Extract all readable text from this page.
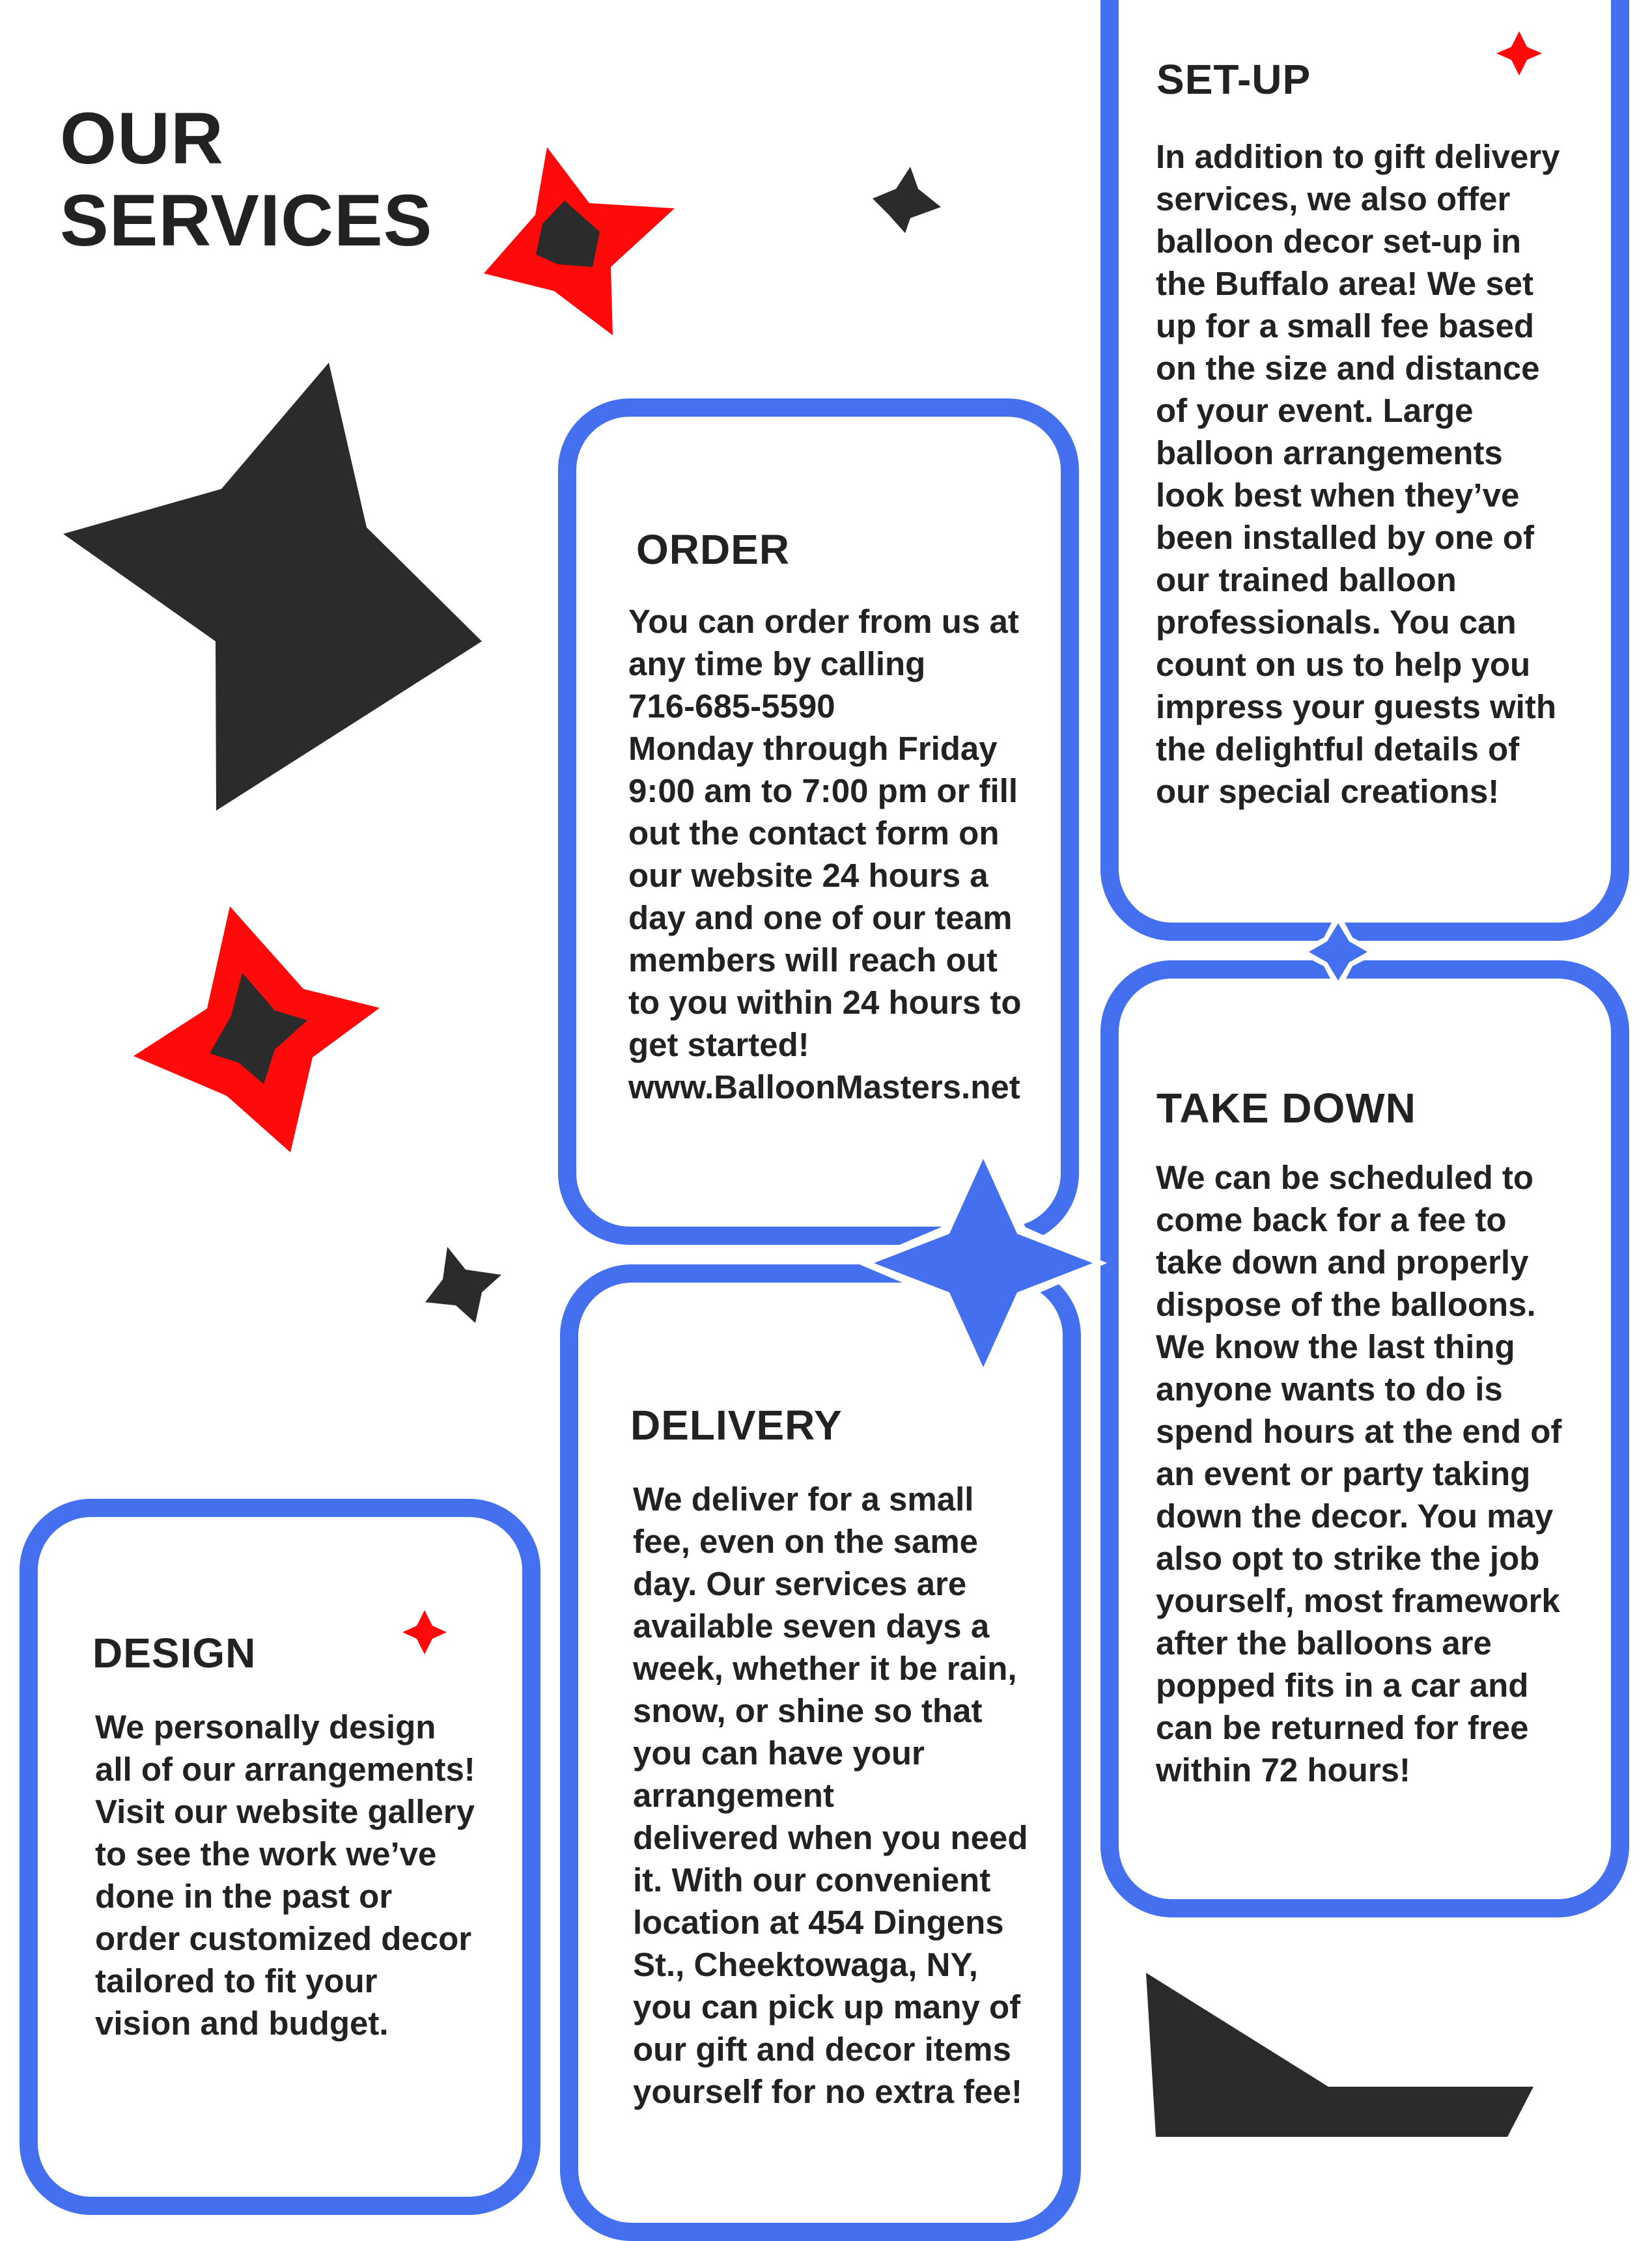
OUR
SERVICES
SET-UP

In addition to gift delivery
services, we also offer
balloon decor set-up in
the Buffalo area! We set
up for a small fee based
on the size and distance
of your event. Large
balloon arrangements
look best when they’ve
been installed by one of
our trained balloon
professionals. You can
count on us to help you
impress your guests with
the delightful details of
our special creations!

ORDER

You can order from us at
any time by calling
716-685-5590
Monday through Friday
9:00 am to 7:00 pm or fill
out the contact form on
our website 24 hours a
day and one of our team
members will reach out
to you within 24 hours to
get started!
www.BalloonMasters.net	TAKE DOWN

We can be scheduled to
come back for a fee to
take down and properly
dispose of the balloons.
We know the last thing
anyone wants to do is
spend hours at the end of
an event or party taking
down the decor. You may
also opt to strike the job
yourself, most framework
after the balloons are
popped fits in a car and
can be returned for free
within 72 hours!

DELIVERY

We deliver for a small
fee, even on the same
day. Our services are
available seven days a
week, whether it be rain,
snow, or shine so that
you can have your
arrangement
delivered when you need
it. With our convenient
location at 454 Dingens
St., Cheektowaga, NY,
you can pick up many of
our gift and decor items
yourself for no extra fee!

DESIGN

We personally design
all of our arrangements!
Visit our website gallery
to see the work we’ve
done in the past or
order customized decor
tailored to fit your
vision and budget.
